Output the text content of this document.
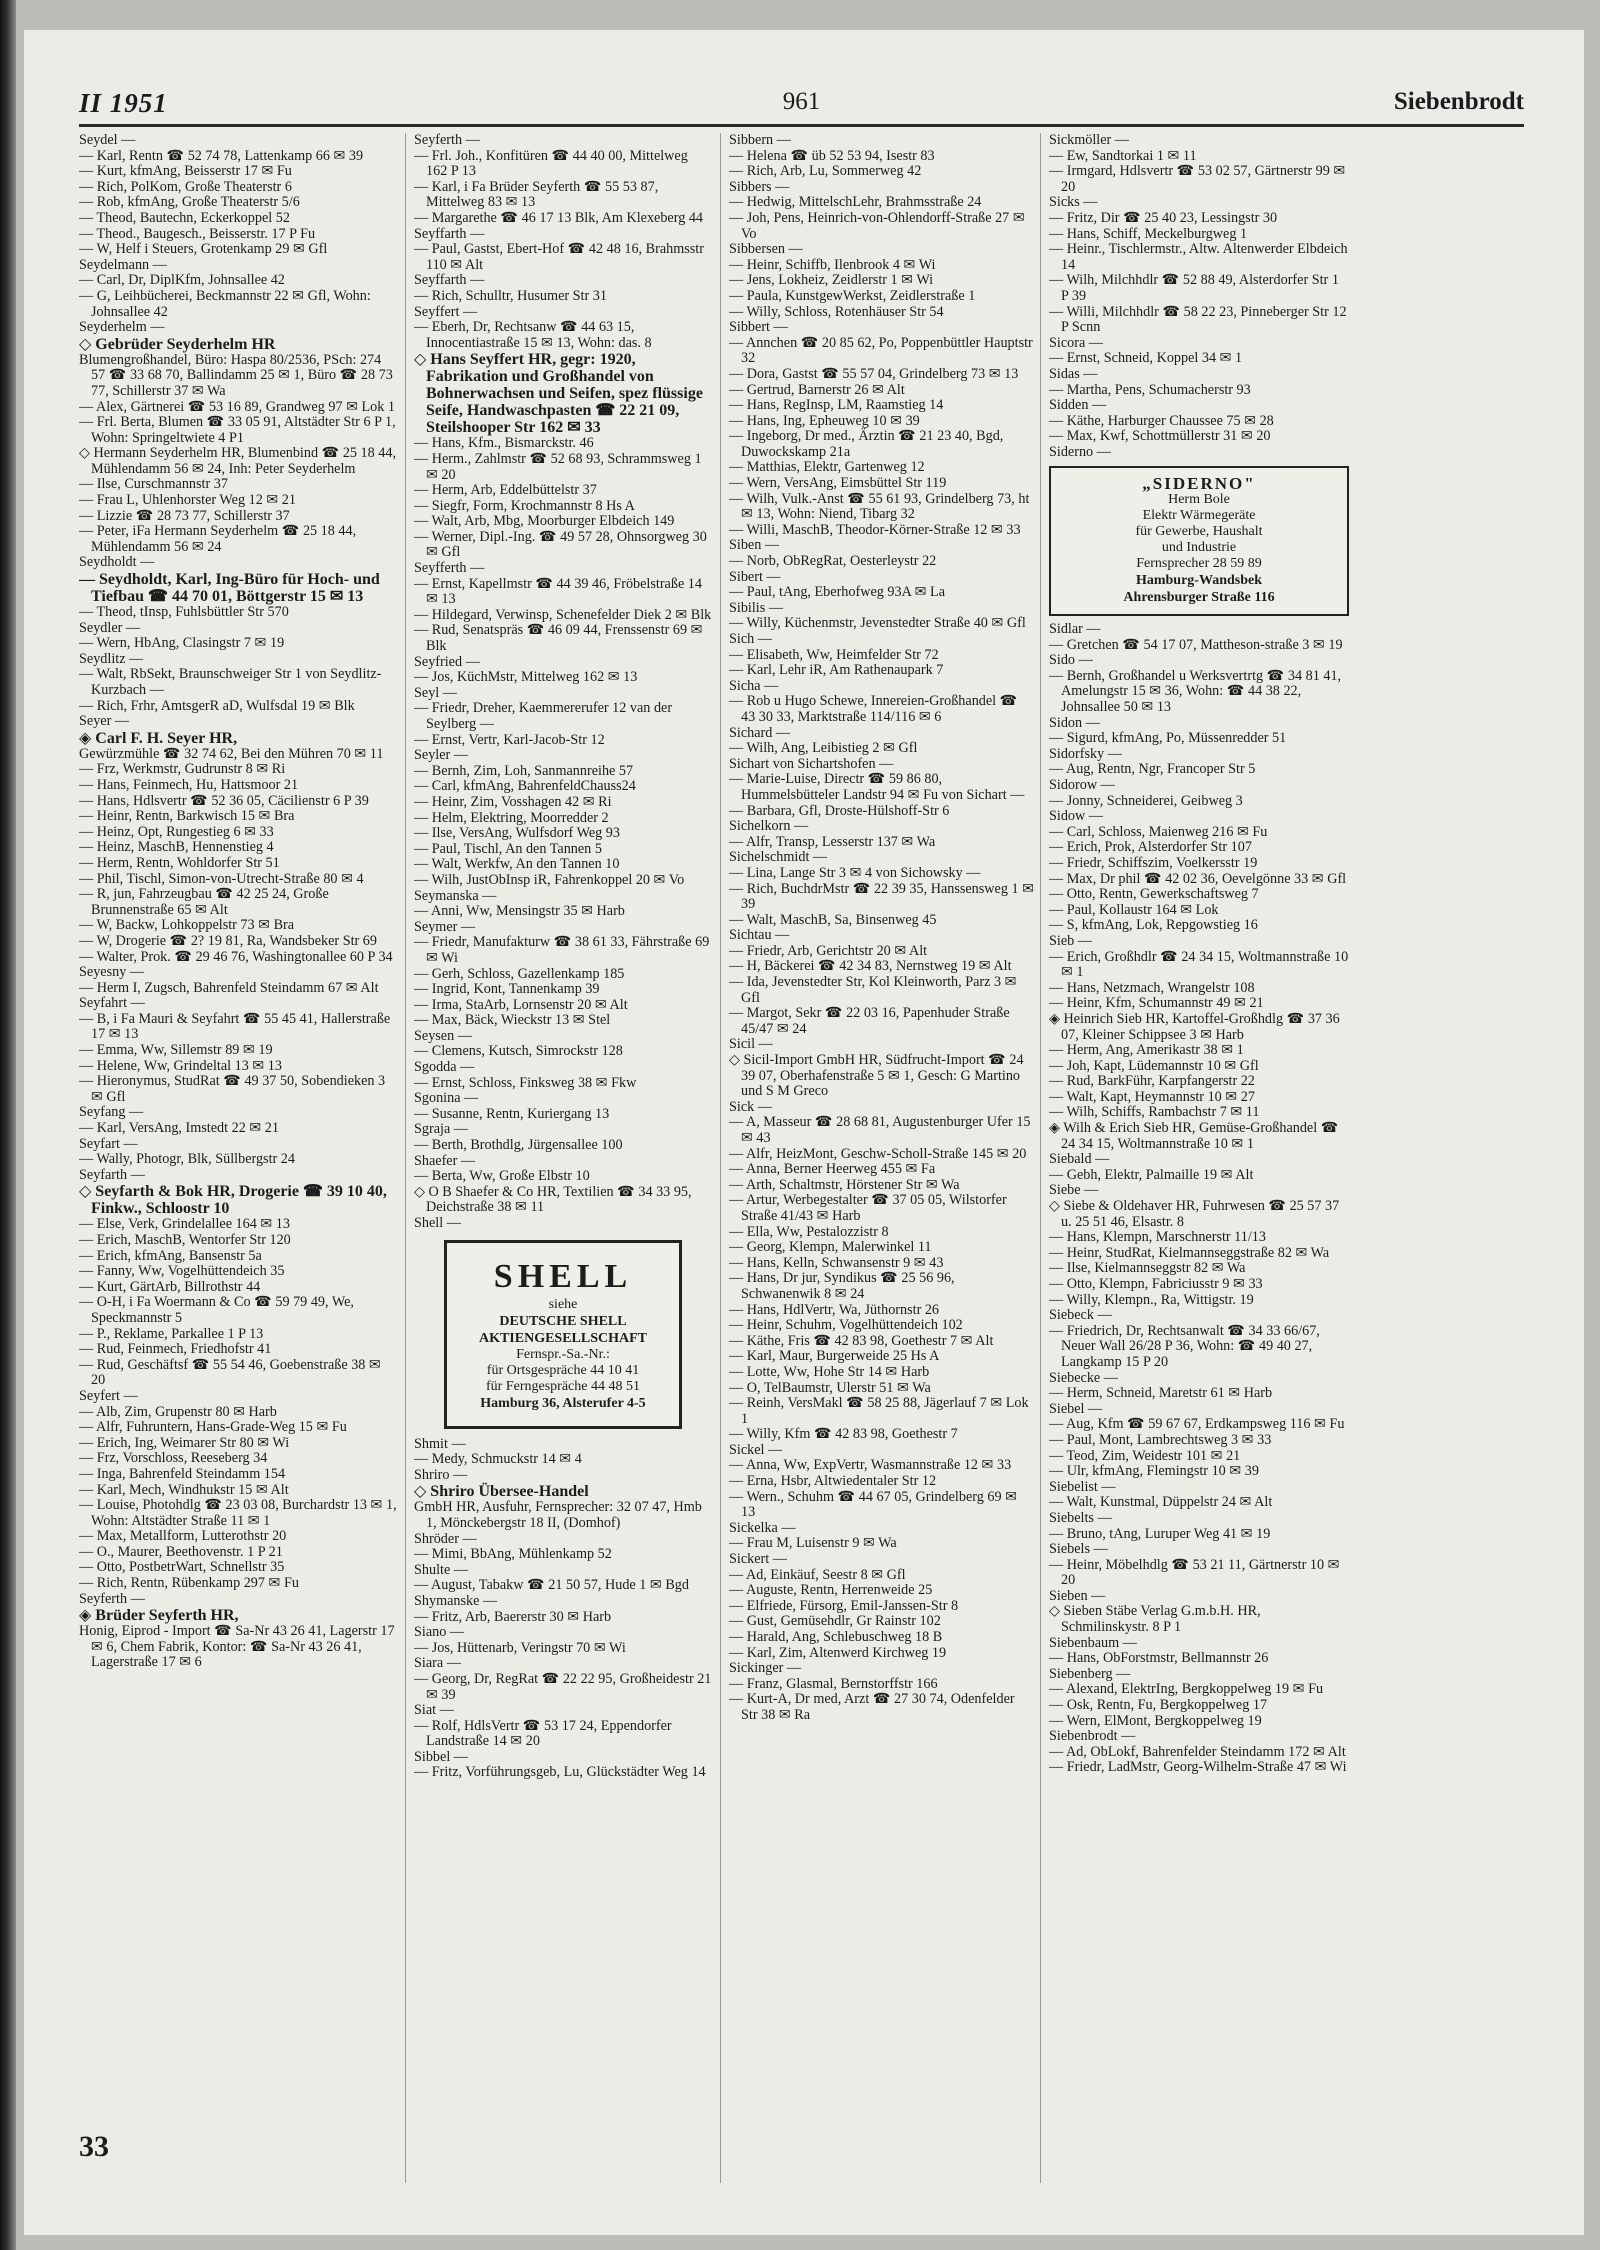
II 1951	961	Siebenbrodt
Seydel —
— Karl, Rentn ☎ 52 74 78, Lattenkamp 66 ✉ 39
— Kurt, kfmAng, Beisserstr 17 ✉ Fu
— Rich, PolKom, Große Theaterstr 6
— Rob, kfmAng, Große Theaterstr 5/6
— Theod, Bautechn, Eckerkoppel 52
— Theod., Baugesch., Beisserstr. 17 P Fu
— W, Helf i Steuers, Grotenkamp 29 ✉ Gfl
Seydelmann —
— Carl, Dr, DiplKfm, Johnsallee 42
— G, Leihbücherei, Beckmannstr 22 ✉ Gfl, Wohn: Johnsallee 42
Seyderhelm —
◇ Gebrüder Seyderhelm HR
Blumengroßhandel, Büro: Haspa 80/2536, PSch: 274 57 ☎ 33 68 70, Ballindamm 25 ✉ 1, Büro ☎ 28 73 77, Schillerstr 37 ✉ Wa
— Alex, Gärtnerei ☎ 53 16 89, Grandweg 97 ✉ Lok 1
— Frl. Berta, Blumen ☎ 33 05 91, Altstädter Str 6 P 1, Wohn: Springeltwiete 4 P1
◇ Hermann Seyderhelm HR, Blumenbind ☎ 25 18 44, Mühlendamm 56 ✉ 24, Inh: Peter Seyderhelm
— Ilse, Curschmannstr 37
— Frau L, Uhlenhorster Weg 12 ✉ 21
— Lizzie ☎ 28 73 77, Schillerstr 37
— Peter, iFa Hermann Seyderhelm ☎ 25 18 44, Mühlendamm 56 ✉ 24
Seydholdt —
— Seydholdt, Karl, Ing-Büro für Hoch- und Tiefbau ☎ 44 70 01, Böttgerstr 15 ✉ 13
— Theod, tInsp, Fuhlsbüttler Str 570
Seydler —
— Wern, HbAng, Clasingstr 7 ✉ 19
Seydlitz —
— Walt, RbSekt, Braunschweiger Str 1 von Seydlitz-Kurzbach —
— Rich, Frhr, AmtsgerR aD, Wulfsdal 19 ✉ Blk
Seyer —
◈ Carl F. H. Seyer HR,
Gewürzmühle ☎ 32 74 62, Bei den Mühren 70 ✉ 11
— Frz, Werkmstr, Gudrunstr 8 ✉ Ri
— Hans, Feinmech, Hu, Hattsmoor 21
— Hans, Hdlsvertr ☎ 52 36 05, Cäcilienstr 6 P 39
— Heinr, Rentn, Barkwisch 15 ✉ Bra
— Heinz, Opt, Rungestieg 6 ✉ 33
— Heinz, MaschB, Hennenstieg 4
— Herm, Rentn, Wohldorfer Str 51
— Phil, Tischl, Simon-von-Utrecht-Straße 80 ✉ 4
— R, jun, Fahrzeugbau ☎ 42 25 24, Große Brunnenstraße 65 ✉ Alt
— W, Backw, Lohkoppelstr 73 ✉ Bra
— W, Drogerie ☎ 2? 19 81, Ra, Wandsbeker Str 69
— Walter, Prok. ☎ 29 46 76, Washingtonallee 60 P 34
Seyesny —
— Herm I, Zugsch, Bahrenfeld Steindamm 67 ✉ Alt
Seyfahrt —
— B, i Fa Mauri & Seyfahrt ☎ 55 45 41, Hallerstraße 17 ✉ 13
— Emma, Ww, Sillemstr 89 ✉ 19
— Helene, Ww, Grindeltal 13 ✉ 13
— Hieronymus, StudRat ☎ 49 37 50, Sobendieken 3 ✉ Gfl
Seyfang —
— Karl, VersAng, Imstedt 22 ✉ 21
Seyfart —
— Wally, Photogr, Blk, Süllbergstr 24
Seyfarth —
◇ Seyfarth & Bok HR, Drogerie ☎ 39 10 40, Finkw., Schloostr 10
— Else, Verk, Grindelallee 164 ✉ 13
— Erich, MaschB, Wentorfer Str 120
— Erich, kfmAng, Bansenstr 5a
— Fanny, Ww, Vogelhüttendeich 35
— Kurt, GärtArb, Billrothstr 44
— O-H, i Fa Woermann & Co ☎ 59 79 49, We, Speckmannstr 5
— P., Reklame, Parkallee 1 P 13
— Rud, Feinmech, Friedhofstr 41
— Rud, Geschäftsf ☎ 55 54 46, Goebenstraße 38 ✉ 20
Seyfert —
— Alb, Zim, Grupenstr 80 ✉ Harb
— Alfr, Fuhruntern, Hans-Grade-Weg 15 ✉ Fu
— Erich, Ing, Weimarer Str 80 ✉ Wi
— Frz, Vorschloss, Reeseberg 34
— Inga, Bahrenfeld Steindamm 154
— Karl, Mech, Windhukstr 15 ✉ Alt
— Louise, Photohdlg ☎ 23 03 08, Burchardstr 13 ✉ 1, Wohn: Altstädter Straße 11 ✉ 1
— Max, Metallform, Lutterothstr 20
— O., Maurer, Beethovenstr. 1 P 21
— Otto, PostbetrWart, Schnellstr 35
— Rich, Rentn, Rübenkamp 297 ✉ Fu
Seyferth —
◈ Brüder Seyferth HR,
Honig, Eiprod - Import ☎ Sa-Nr 43 26 41, Lagerstr 17 ✉ 6, Chem Fabrik, Kontor: ☎ Sa-Nr 43 26 41, Lagerstraße 17 ✉ 6
Seyferth —
— Frl. Joh., Konfitüren ☎ 44 40 00, Mittelweg 162 P 13
— Karl, i Fa Brüder Seyferth ☎ 55 53 87, Mittelweg 83 ✉ 13
— Margarethe ☎ 46 17 13 Blk, Am Klexeberg 44
Seyffarth —
— Paul, Gastst, Ebert-Hof ☎ 42 48 16, Brahmsstr 110 ✉ Alt
Seyffarth —
— Rich, Schulltr, Husumer Str 31
Seyffert —
— Eberh, Dr, Rechtsanw ☎ 44 63 15, Innocentiastraße 15 ✉ 13, Wohn: das. 8
◇ Hans Seyffert HR, gegr: 1920, Fabrikation und Großhandel von Bohnerwachsen und Seifen, spez flüssige Seife, Handwaschpasten ☎ 22 21 09, Steilshooper Str 162 ✉ 33
— Hans, Kfm., Bismarckstr. 46
— Herm., Zahlmstr ☎ 52 68 93, Schrammsweg 1 ✉ 20
— Herm, Arb, Eddelbüttelstr 37
— Siegfr, Form, Krochmannstr 8 Hs A
— Walt, Arb, Mbg, Moorburger Elbdeich 149
— Werner, Dipl.-Ing. ☎ 49 57 28, Ohnsorgweg 30 ✉ Gfl
Seyfferth —
— Ernst, Kapellmstr ☎ 44 39 46, Fröbelstraße 14 ✉ 13
— Hildegard, Verwinsp, Schenefelder Diek 2 ✉ Blk
— Rud, Senatspräs ☎ 46 09 44, Frenssenstr 69 ✉ Blk
Seyfried —
— Jos, KüchMstr, Mittelweg 162 ✉ 13
Seyl —
— Friedr, Dreher, Kaemmererufer 12 van der Seylberg —
— Ernst, Vertr, Karl-Jacob-Str 12
Seyler —
— Bernh, Zim, Loh, Sanmannreihe 57
— Carl, kfmAng, BahrenfeldChauss24
— Heinr, Zim, Vosshagen 42 ✉ Ri
— Helm, Elektring, Moorredder 2
— Ilse, VersAng, Wulfsdorf Weg 93
— Paul, Tischl, An den Tannen 5
— Walt, Werkfw, An den Tannen 10
— Wilh, JustObInsp iR, Fahrenkoppel 20 ✉ Vo
Seymanska —
— Anni, Ww, Mensingstr 35 ✉ Harb
Seymer —
— Friedr, Manufakturw ☎ 38 61 33, Fährstraße 69 ✉ Wi
— Gerh, Schloss, Gazellenkamp 185
— Ingrid, Kont, Tannenkamp 39
— Irma, StaArb, Lornsenstr 20 ✉ Alt
— Max, Bäck, Wieckstr 13 ✉ Stel
Seysen —
— Clemens, Kutsch, Simrockstr 128
Sgodda —
— Ernst, Schloss, Finksweg 38 ✉ Fkw
Sgonina —
— Susanne, Rentn, Kuriergang 13
Sgraja —
— Berth, Brothdlg, Jürgensallee 100
Shaefer —
— Berta, Ww, Große Elbstr 10
◇ O B Shaefer & Co HR, Textilien ☎ 34 33 95, Deichstraße 38 ✉ 11
Shell —
SHELL
siehe
DEUTSCHE SHELL
AKTIENGESELLSCHAFT
Fernspr.-Sa.-Nr.:
für Ortsgespräche 44 10 41
für Ferngespräche 44 48 51
Hamburg 36, Alsterufer 4-5
Shmit —
— Medy, Schmuckstr 14 ✉ 4
Shriro —
◇ Shriro Übersee-Handel
GmbH HR, Ausfuhr, Fernsprecher: 32 07 47, Hmb 1, Mönckebergstr 18 II, (Domhof)
Shröder —
— Mimi, BbAng, Mühlenkamp 52
Shulte —
— August, Tabakw ☎ 21 50 57, Hude 1 ✉ Bgd
Shymanske —
— Fritz, Arb, Baererstr 30 ✉ Harb
Siano —
— Jos, Hüttenarb, Veringstr 70 ✉ Wi
Siara —
— Georg, Dr, RegRat ☎ 22 22 95, Großheidestr 21 ✉ 39
Siat —
— Rolf, HdlsVertr ☎ 53 17 24, Eppendorfer Landstraße 14 ✉ 20
Sibbel —
— Fritz, Vorführungsgeb, Lu, Glückstädter Weg 14
Sibbern —
— Helena ☎ üb 52 53 94, Isestr 83
— Rich, Arb, Lu, Sommerweg 42
Sibbers —
— Hedwig, MittelschLehr, Brahmsstraße 24
— Joh, Pens, Heinrich-von-Ohlendorff-Straße 27 ✉ Vo
Sibbersen —
— Heinr, Schiffb, Ilenbrook 4 ✉ Wi
— Jens, Lokheiz, Zeidlerstr 1 ✉ Wi
— Paula, KunstgewWerkst, Zeidlerstraße 1
— Willy, Schloss, Rotenhäuser Str 54
Sibbert —
— Annchen ☎ 20 85 62, Po, Poppenbüttler Hauptstr 32
— Dora, Gastst ☎ 55 57 04, Grindelberg 73 ✉ 13
— Gertrud, Barnerstr 26 ✉ Alt
— Hans, RegInsp, LM, Raamstieg 14
— Hans, Ing, Epheuweg 10 ✉ 39
— Ingeborg, Dr med., Ärztin ☎ 21 23 40, Bgd, Duwockskamp 21a
— Matthias, Elektr, Gartenweg 12
— Wern, VersAng, Eimsbüttel Str 119
— Wilh, Vulk.-Anst ☎ 55 61 93, Grindelberg 73, ht ✉ 13, Wohn: Niend, Tibarg 32
— Willi, MaschB, Theodor-Körner-Straße 12 ✉ 33
Siben —
— Norb, ObRegRat, Oesterleystr 22
Sibert —
— Paul, tAng, Eberhofweg 93A ✉ La
Sibilis —
— Willy, Küchenmstr, Jevenstedter Straße 40 ✉ Gfl
Sich —
— Elisabeth, Ww, Heimfelder Str 72
— Karl, Lehr iR, Am Rathenaupark 7
Sicha —
— Rob u Hugo Schewe, Innereien-Großhandel ☎ 43 30 33, Marktstraße 114/116 ✉ 6
Sichard —
— Wilh, Ang, Leibistieg 2 ✉ Gfl
Sichart von Sichartshofen —
— Marie-Luise, Directr ☎ 59 86 80, Hummelsbütteler Landstr 94 ✉ Fu von Sichart —
— Barbara, Gfl, Droste-Hülshoff-Str 6
Sichelkorn —
— Alfr, Transp, Lesserstr 137 ✉ Wa
Sichelschmidt —
— Lina, Lange Str 3 ✉ 4 von Sichowsky —
— Rich, BuchdrMstr ☎ 22 39 35, Hanssensweg 1 ✉ 39
— Walt, MaschB, Sa, Binsenweg 45
Sichtau —
— Friedr, Arb, Gerichtstr 20 ✉ Alt
— H, Bäckerei ☎ 42 34 83, Nernstweg 19 ✉ Alt
— Ida, Jevenstedter Str, Kol Kleinworth, Parz 3 ✉ Gfl
— Margot, Sekr ☎ 22 03 16, Papenhuder Straße 45/47 ✉ 24
Sicil —
◇ Sicil-Import GmbH HR, Südfrucht-Import ☎ 24 39 07, Oberhafenstraße 5 ✉ 1, Gesch: G Martino und S M Greco
Sick —
— A, Masseur ☎ 28 68 81, Augustenburger Ufer 15 ✉ 43
— Alfr, HeizMont, Geschw-Scholl-Straße 145 ✉ 20
— Anna, Berner Heerweg 455 ✉ Fa
— Arth, Schaltmstr, Hörstener Str ✉ Wa
— Artur, Werbegestalter ☎ 37 05 05, Wilstorfer Straße 41/43 ✉ Harb
— Ella, Ww, Pestalozzistr 8
— Georg, Klempn, Malerwinkel 11
— Hans, Kelln, Schwansenstr 9 ✉ 43
— Hans, Dr jur, Syndikus ☎ 25 56 96, Schwanenwik 8 ✉ 24
— Hans, HdlVertr, Wa, Jüthornstr 26
— Heinr, Schuhm, Vogelhüttendeich 102
— Käthe, Fris ☎ 42 83 98, Goethestr 7 ✉ Alt
— Karl, Maur, Burgerweide 25 Hs A
— Lotte, Ww, Hohe Str 14 ✉ Harb
— O, TelBaumstr, Ulerstr 51 ✉ Wa
— Reinh, VersMakl ☎ 58 25 88, Jägerlauf 7 ✉ Lok 1
— Willy, Kfm ☎ 42 83 98, Goethestr 7
Sickel —
— Anna, Ww, ExpVertr, Wasmannstraße 12 ✉ 33
— Erna, Hsbr, Altwiedentaler Str 12
— Wern., Schuhm ☎ 44 67 05, Grindelberg 69 ✉ 13
Sickelka —
— Frau M, Luisenstr 9 ✉ Wa
Sickert —
— Ad, Einkäuf, Seestr 8 ✉ Gfl
— Auguste, Rentn, Herrenweide 25
— Elfriede, Fürsorg, Emil-Janssen-Str 8
— Gust, Gemüsehdlr, Gr Rainstr 102
— Harald, Ang, Schlebuschweg 18 B
— Karl, Zim, Altenwerd Kirchweg 19
Sickinger —
— Franz, Glasmal, Bernstorffstr 166
— Kurt-A, Dr med, Arzt ☎ 27 30 74, Odenfelder Str 38 ✉ Ra
Sickmöller —
— Ew, Sandtorkai 1 ✉ 11
— Irmgard, Hdlsvertr ☎ 53 02 57, Gärtnerstr 99 ✉ 20
Sicks —
— Fritz, Dir ☎ 25 40 23, Lessingstr 30
— Hans, Schiff, Meckelburgweg 1
— Heinr., Tischlermstr., Altw. Altenwerder Elbdeich 14
— Wilh, Milchhdlr ☎ 52 88 49, Alsterdorfer Str 1 P 39
— Willi, Milchhdlr ☎ 58 22 23, Pinneberger Str 12 P Scnn
Sicora —
— Ernst, Schneid, Koppel 34 ✉ 1
Sidas —
— Martha, Pens, Schumacherstr 93
Sidden —
— Käthe, Harburger Chaussee 75 ✉ 28
— Max, Kwf, Schottmüllerstr 31 ✉ 20
Siderno —
„SIDERNO"
Herm Bole
Elektr Wärmegeräte
für Gewerbe, Haushalt
und Industrie
Fernsprecher 28 59 89
Hamburg-Wandsbek
Ahrensburger Straße 116
Sidlar —
— Gretchen ☎ 54 17 07, Mattheson-straße 3 ✉ 19
Sido —
— Bernh, Großhandel u Werksvertrtg ☎ 34 81 41, Amelungstr 15 ✉ 36, Wohn: ☎ 44 38 22, Johnsallee 50 ✉ 13
Sidon —
— Sigurd, kfmAng, Po, Müssenredder 51
Sidorfsky —
— Aug, Rentn, Ngr, Francoper Str 5
Sidorow —
— Jonny, Schneiderei, Geibweg 3
Sidow —
— Carl, Schloss, Maienweg 216 ✉ Fu
— Erich, Prok, Alsterdorfer Str 107
— Friedr, Schiffszim, Voelkersstr 19
— Max, Dr phil ☎ 42 02 36, Oevelgönne 33 ✉ Gfl
— Otto, Rentn, Gewerkschaftsweg 7
— Paul, Kollaustr 164 ✉ Lok
— S, kfmAng, Lok, Repgowstieg 16
Sieb —
— Erich, Großhdlr ☎ 24 34 15, Woltmannstraße 10 ✉ 1
— Hans, Netzmach, Wrangelstr 108
— Heinr, Kfm, Schumannstr 49 ✉ 21
◈ Heinrich Sieb HR, Kartoffel-Großhdlg ☎ 37 36 07, Kleiner Schippsee 3 ✉ Harb
— Herm, Ang, Amerikastr 38 ✉ 1
— Joh, Kapt, Lüdemannstr 10 ✉ Gfl
— Rud, BarkFühr, Karpfangerstr 22
— Walt, Kapt, Heymannstr 10 ✉ 27
— Wilh, Schiffs, Rambachstr 7 ✉ 11
◈ Wilh & Erich Sieb HR, Gemüse-Großhandel ☎ 24 34 15, Woltmannstraße 10 ✉ 1
Siebald —
— Gebh, Elektr, Palmaille 19 ✉ Alt
Siebe —
◇ Siebe & Oldehaver HR, Fuhrwesen ☎ 25 57 37 u. 25 51 46, Elsastr. 8
— Hans, Klempn, Marschnerstr 11/13
— Heinr, StudRat, Kielmannseggstraße 82 ✉ Wa
— Ilse, Kielmannseggstr 82 ✉ Wa
— Otto, Klempn, Fabriciusstr 9 ✉ 33
— Willy, Klempn., Ra, Wittigstr. 19
Siebeck —
— Friedrich, Dr, Rechtsanwalt ☎ 34 33 66/67, Neuer Wall 26/28 P 36, Wohn: ☎ 49 40 27, Langkamp 15 P 20
Siebecke —
— Herm, Schneid, Maretstr 61 ✉ Harb
Siebel —
— Aug, Kfm ☎ 59 67 67, Erdkampsweg 116 ✉ Fu
— Paul, Mont, Lambrechtsweg 3 ✉ 33
— Teod, Zim, Weidestr 101 ✉ 21
— Ulr, kfmAng, Flemingstr 10 ✉ 39
Siebelist —
— Walt, Kunstmal, Düppelstr 24 ✉ Alt
Siebelts —
— Bruno, tAng, Luruper Weg 41 ✉ 19
Siebels —
— Heinr, Möbelhdlg ☎ 53 21 11, Gärtnerstr 10 ✉ 20
Sieben —
◇ Sieben Stäbe Verlag G.m.b.H. HR, Schmilinskystr. 8 P 1
Siebenbaum —
— Hans, ObForstmstr, Bellmannstr 26
Siebenberg —
— Alexand, ElektrIng, Bergkoppelweg 19 ✉ Fu
— Osk, Rentn, Fu, Bergkoppelweg 17
— Wern, ElMont, Bergkoppelweg 19
Siebenbrodt —
— Ad, ObLokf, Bahrenfelder Steindamm 172 ✉ Alt
— Friedr, LadMstr, Georg-Wilhelm-Straße 47 ✉ Wi
33
